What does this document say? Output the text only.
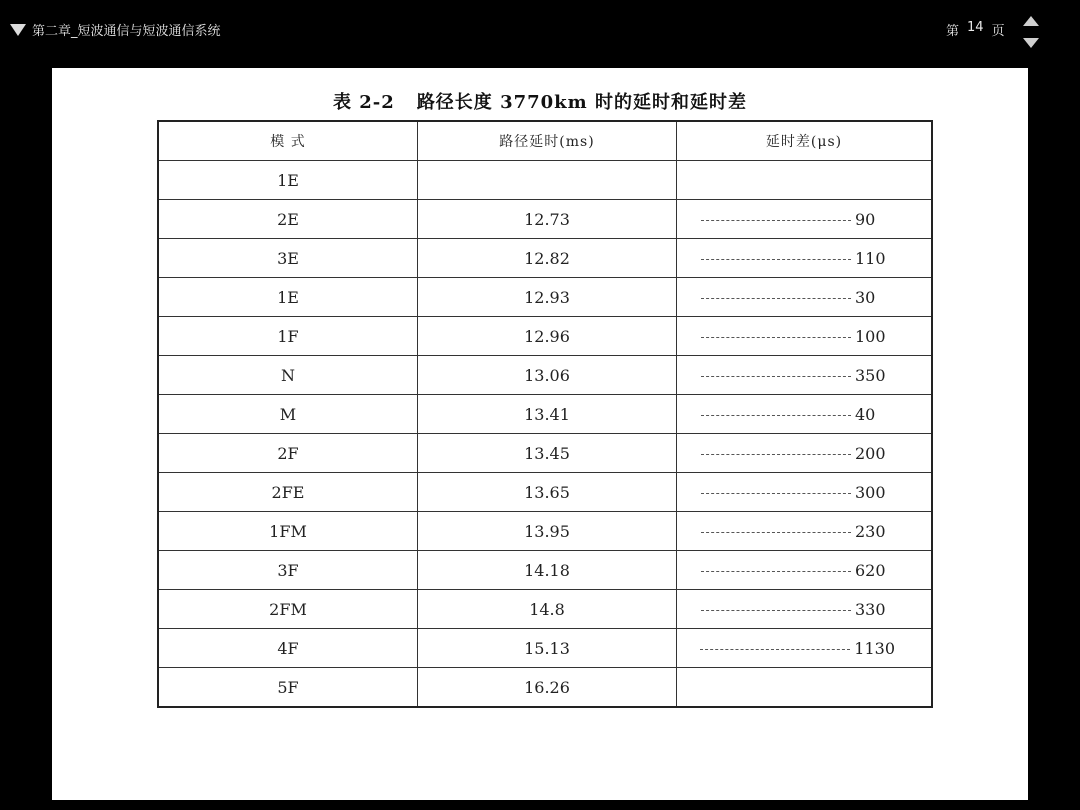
第二章_短波通信与短波通信系统	第 14 页
表 2-2 路径长度 3770km 时的延时和延时差
模 式	路径延时(ms)	延时差(μs)
1E		
2E	12.73	90
3E	12.82	110
1E	12.93	30
1F	12.96	100
N	13.06	350
M	13.41	40
2F	13.45	200
2FE	13.65	300
1FM	13.95	230
3F	14.18	620
2FM	14.8	330
4F	15.13	1130
5F	16.26	
